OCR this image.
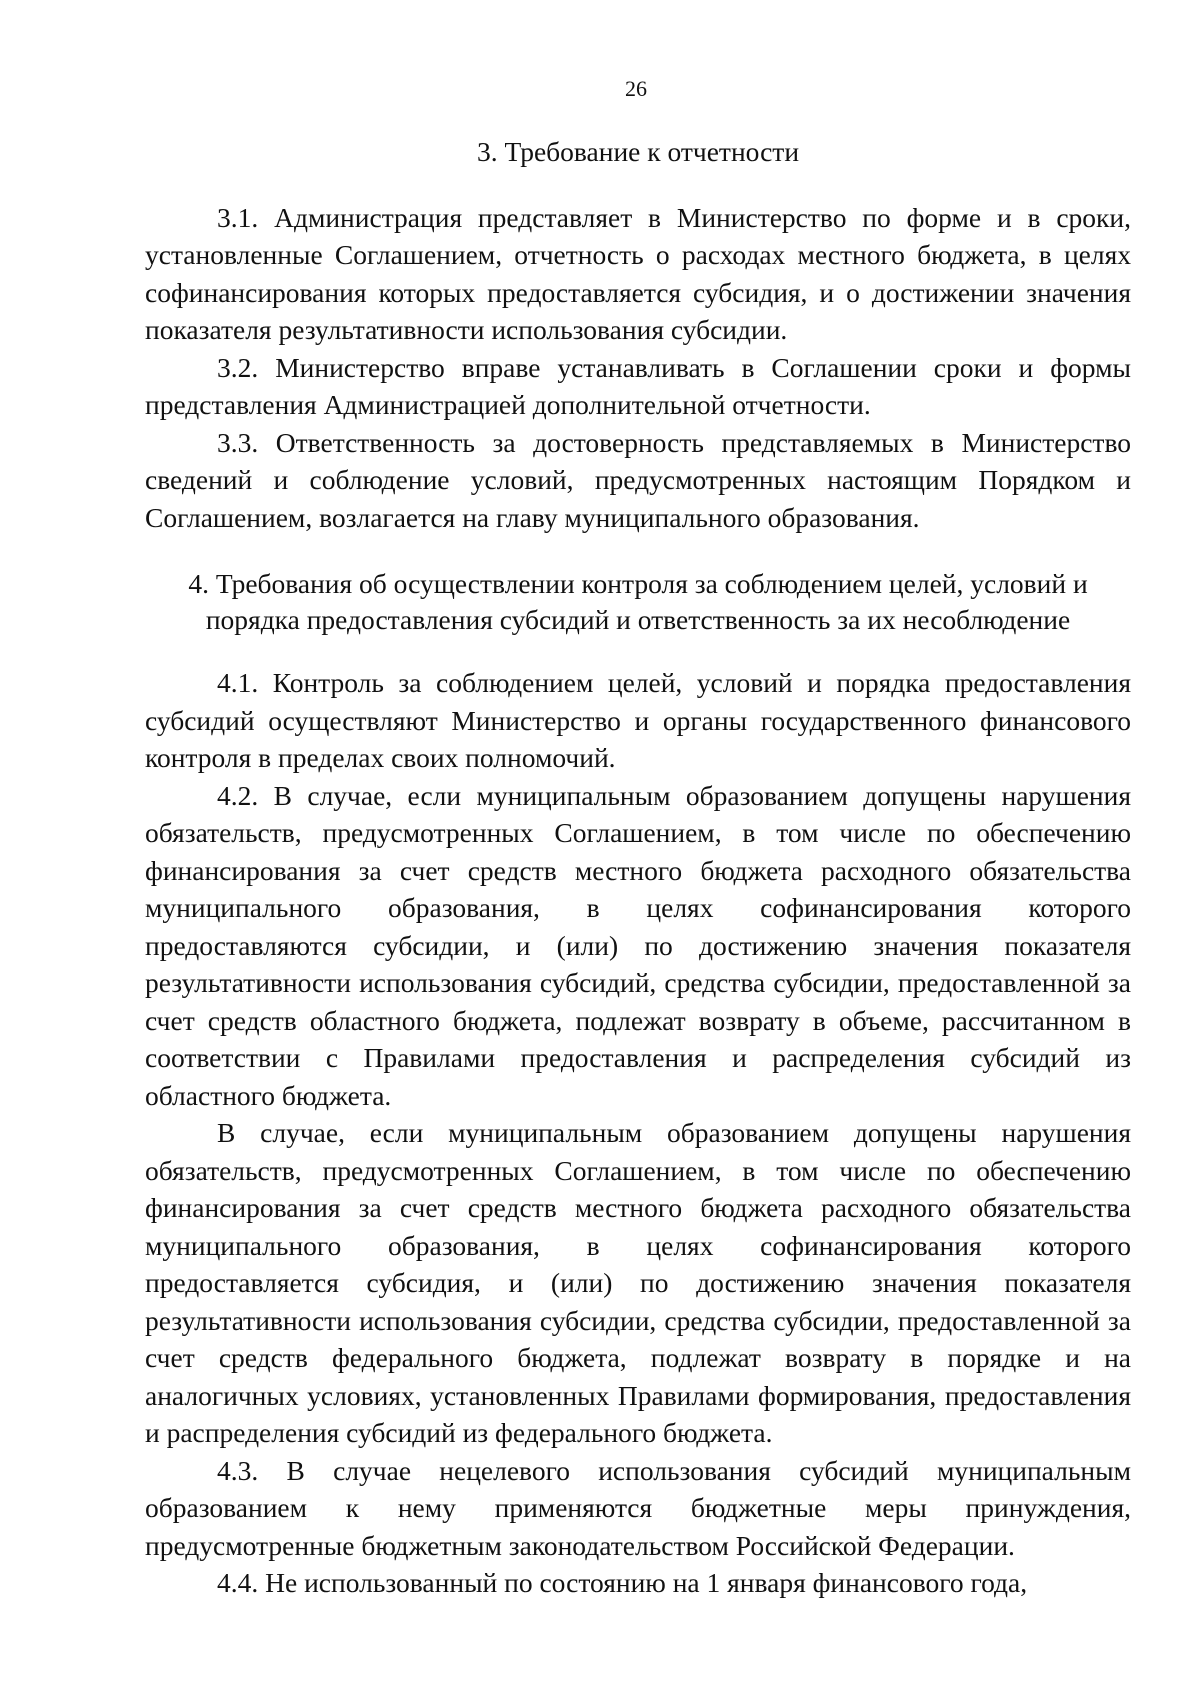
26

3. Требование к отчетности

3.1. Администрация представляет в Министерство по форме и в сроки, установленные Соглашением, отчетность о расходах местного бюджета, в целях софинансирования которых предоставляется субсидия, и о достижении значения показателя результативности использования субсидии.

3.2. Министерство вправе устанавливать в Соглашении сроки и формы представления Администрацией дополнительной отчетности.

3.3. Ответственность за достоверность представляемых в Министерство сведений и соблюдение условий, предусмотренных настоящим Порядком и Соглашением, возлагается на главу муниципального образования.

4. Требования об осуществлении контроля за соблюдением целей, условий и порядка предоставления субсидий и ответственность за их несоблюдение

4.1. Контроль за соблюдением целей, условий и порядка предоставления субсидий осуществляют Министерство и органы государственного финансового контроля в пределах своих полномочий.

4.2. В случае, если муниципальным образованием допущены нарушения обязательств, предусмотренных Соглашением, в том числе по обеспечению финансирования за счет средств местного бюджета расходного обязательства муниципального образования, в целях софинансирования которого предоставляются субсидии, и (или) по достижению значения показателя результативности использования субсидий, средства субсидии, предоставленной за счет средств областного бюджета, подлежат возврату в объеме, рассчитанном в соответствии с Правилами предоставления и распределения субсидий из областного бюджета.

В случае, если муниципальным образованием допущены нарушения обязательств, предусмотренных Соглашением, в том числе по обеспечению финансирования за счет средств местного бюджета расходного обязательства муниципального образования, в целях софинансирования которого предоставляется субсидия, и (или) по достижению значения показателя результативности использования субсидии, средства субсидии, предоставленной за счет средств федерального бюджета, подлежат возврату в порядке и на аналогичных условиях, установленных Правилами формирования, предоставления и распределения субсидий из федерального бюджета.

4.3. В случае нецелевого использования субсидий муниципальным образованием к нему применяются бюджетные меры принуждения, предусмотренные бюджетным законодательством Российской Федерации.

4.4. Не использованный по состоянию на 1 января финансового года,
